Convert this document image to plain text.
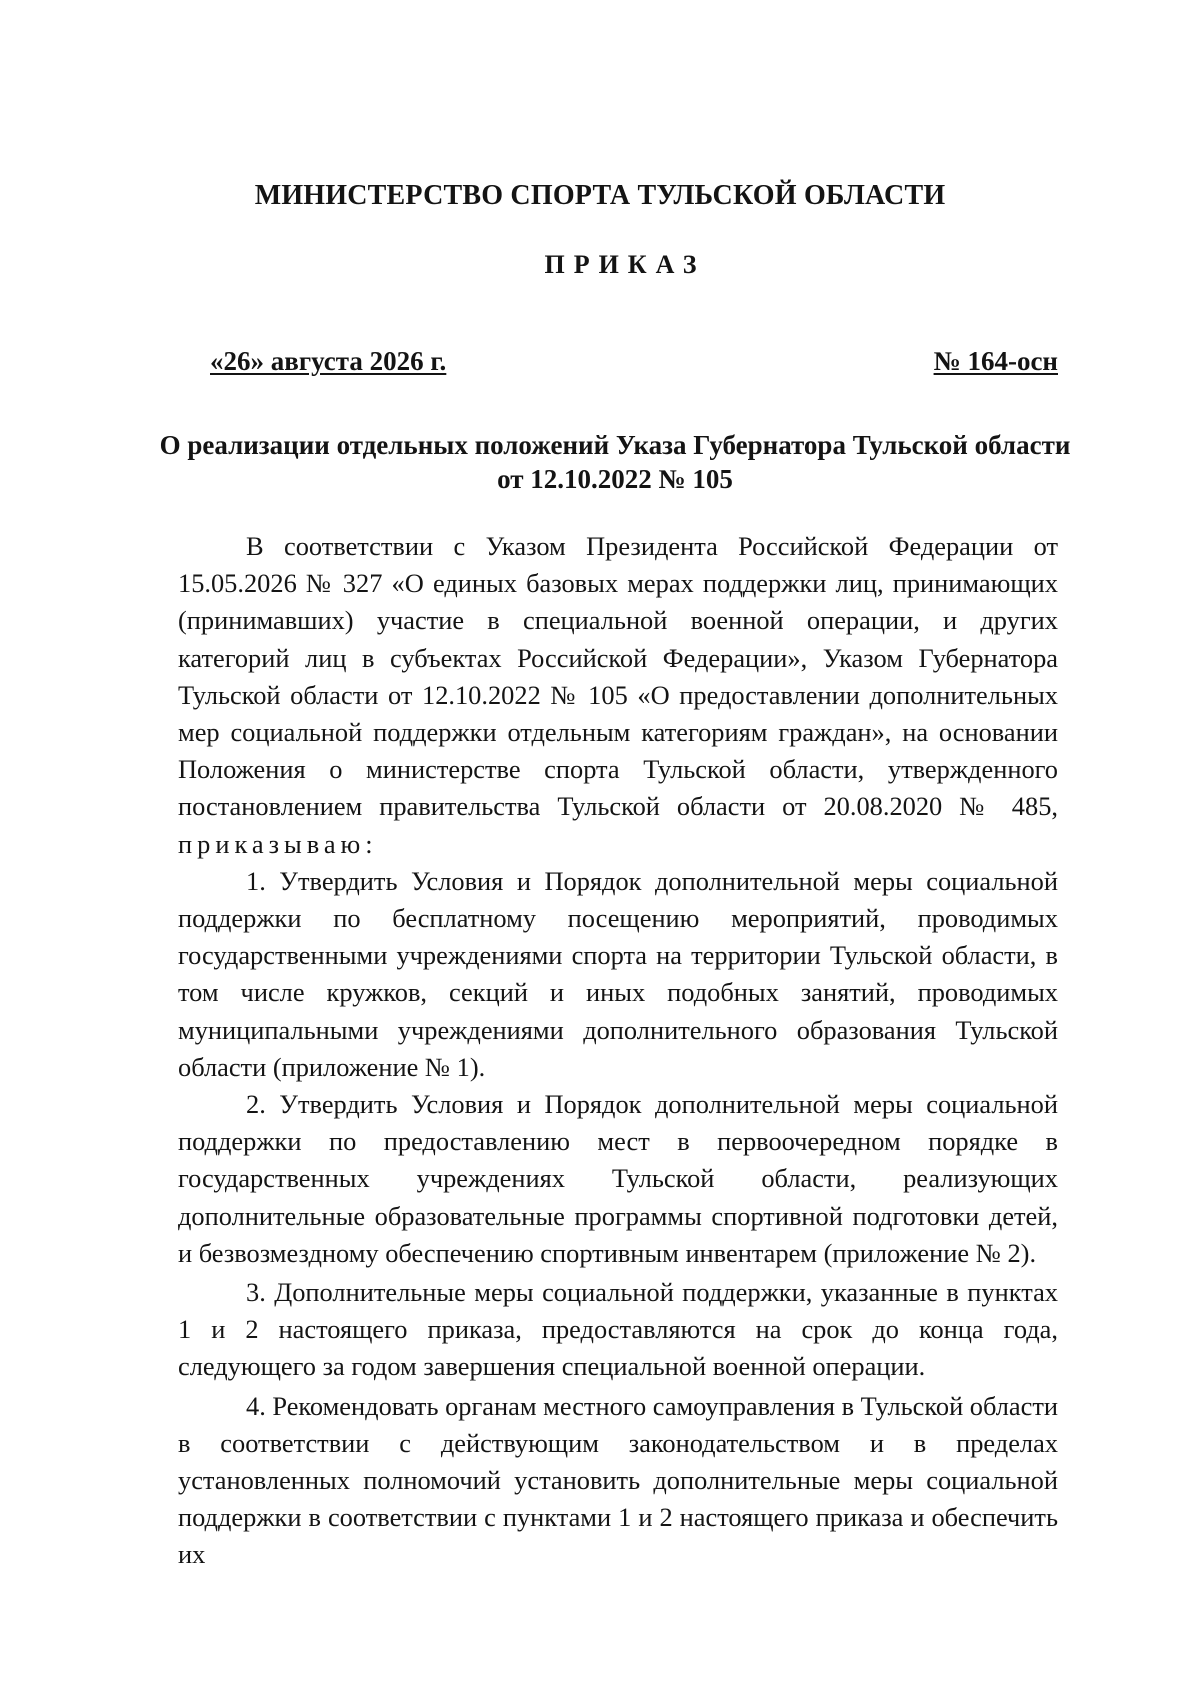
МИНИСТЕРСТВО СПОРТА ТУЛЬСКОЙ ОБЛАСТИ
ПРИКАЗ
«26» августа 2026 г.	№ 164-осн
О реализации отдельных положений Указа Губернатора Тульской области
от 12.10.2022 № 105

В соответствии с Указом Президента Российской Федерации от 15.05.2026 № 327 «О единых базовых мерах поддержки лиц, принимающих (принимавших) участие в специальной военной операции, и других категорий лиц в субъектах Российской Федерации», Указом Губернатора Тульской области от 12.10.2022 № 105 «О предоставлении дополнительных мер социальной поддержки отдельным категориям граждан», на основании Положения о министерстве спорта Тульской области, утвержденного постановлением правительства Тульской области от 20.08.2020 № 485, приказываю:

1. Утвердить Условия и Порядок дополнительной меры социальной поддержки по бесплатному посещению мероприятий, проводимых государственными учреждениями спорта на территории Тульской области, в том числе кружков, секций и иных подобных занятий, проводимых муниципальными учреждениями дополнительного образования Тульской области (приложение № 1).

2. Утвердить Условия и Порядок дополнительной меры социальной поддержки по предоставлению мест в первоочередном порядке в государственных учреждениях Тульской области, реализующих дополнительные образовательные программы спортивной подготовки детей, и безвозмездному обеспечению спортивным инвентарем (приложение № 2).

3. Дополнительные меры социальной поддержки, указанные в пунктах 1 и 2 настоящего приказа, предоставляются на срок до конца года, следующего за годом завершения специальной военной операции.

4. Рекомендовать органам местного самоуправления в Тульской области в соответствии с действующим законодательством и в пределах установленных полномочий установить дополнительные меры социальной поддержки в соответствии с пунктами 1 и 2 настоящего приказа и обеспечить их
